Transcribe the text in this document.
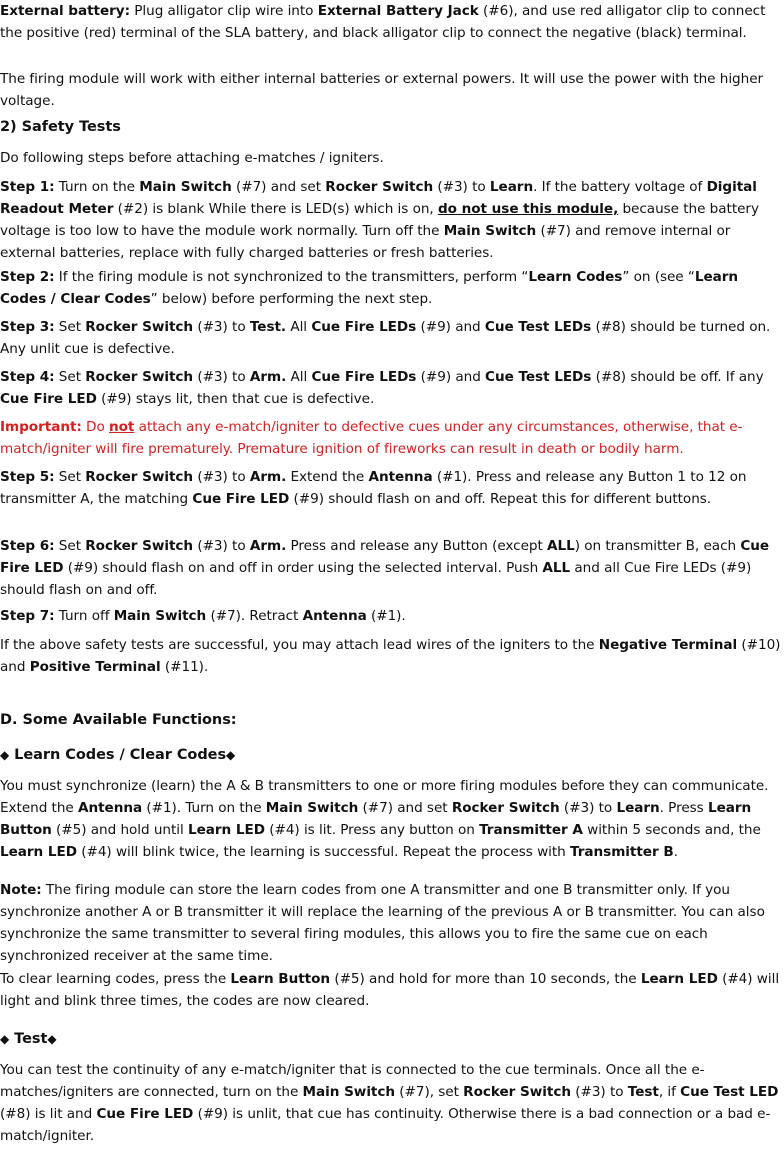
External battery: Plug alligator clip wire into External Battery Jack (#6), and use red alligator clip to connect the positive (red) terminal of the SLA battery, and black alligator clip to connect the negative (black) terminal.
The firing module will work with either internal batteries or external powers. It will use the power with the higher voltage.
2) Safety Tests
Do following steps before attaching e-matches / igniters.
Step 1: Turn on the Main Switch (#7) and set Rocker Switch (#3) to Learn. If the battery voltage of Digital Readout Meter (#2) is blank While there is LED(s) which is on, do not use this module, because the battery voltage is too low to have the module work normally. Turn off the Main Switch (#7) and remove internal or external batteries, replace with fully charged batteries or fresh batteries.
Step 2: If the firing module is not synchronized to the transmitters, perform “Learn Codes” on (see “Learn Codes / Clear Codes” below) before performing the next step.
Step 3: Set Rocker Switch (#3) to Test. All Cue Fire LEDs (#9) and Cue Test LEDs (#8) should be turned on. Any unlit cue is defective.
Step 4: Set Rocker Switch (#3) to Arm. All Cue Fire LEDs (#9) and Cue Test LEDs (#8) should be off. If any Cue Fire LED (#9) stays lit, then that cue is defective.
Important: Do not attach any e-match/igniter to defective cues under any circumstances, otherwise, that e-match/igniter will fire prematurely. Premature ignition of fireworks can result in death or bodily harm.
Step 5: Set Rocker Switch (#3) to Arm. Extend the Antenna (#1). Press and release any Button 1 to 12 on transmitter A, the matching Cue Fire LED (#9) should flash on and off. Repeat this for different buttons.
Step 6: Set Rocker Switch (#3) to Arm. Press and release any Button (except ALL) on transmitter B, each Cue Fire LED (#9) should flash on and off in order using the selected interval. Push ALL and all Cue Fire LEDs (#9) should flash on and off.
Step 7: Turn off Main Switch (#7). Retract Antenna (#1).
If the above safety tests are successful, you may attach lead wires of the igniters to the Negative Terminal (#10) and Positive Terminal (#11).
D. Some Available Functions:
◆ Learn Codes / Clear Codes◆
You must synchronize (learn) the A & B transmitters to one or more firing modules before they can communicate. Extend the Antenna (#1). Turn on the Main Switch (#7) and set Rocker Switch (#3) to Learn. Press Learn Button (#5) and hold until Learn LED (#4) is lit. Press any button on Transmitter A within 5 seconds and, the Learn LED (#4) will blink twice, the learning is successful. Repeat the process with Transmitter B.
Note: The firing module can store the learn codes from one A transmitter and one B transmitter only. If you synchronize another A or B transmitter it will replace the learning of the previous A or B transmitter. You can also synchronize the same transmitter to several firing modules, this allows you to fire the same cue on each synchronized receiver at the same time.
To clear learning codes, press the Learn Button (#5) and hold for more than 10 seconds, the Learn LED (#4) will light and blink three times, the codes are now cleared.
◆ Test◆
You can test the continuity of any e-match/igniter that is connected to the cue terminals. Once all the e-matches/igniters are connected, turn on the Main Switch (#7), set Rocker Switch (#3) to Test, if Cue Test LED (#8) is lit and Cue Fire LED (#9) is unlit, that cue has continuity. Otherwise there is a bad connection or a bad e-match/igniter.
